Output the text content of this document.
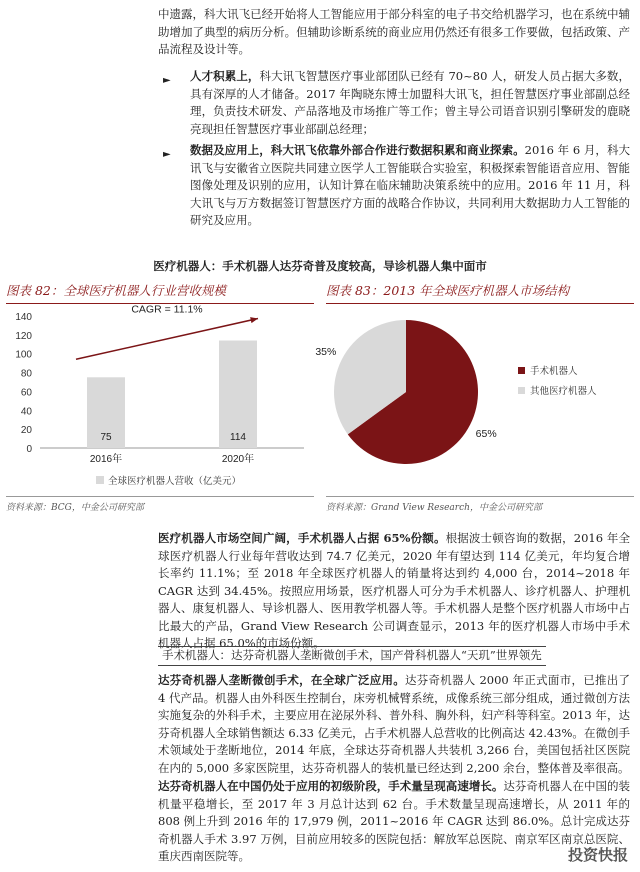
中遗露，科大讯飞已经开始将人工智能应用于部分科室的电子书交给机器学习，也在系统中辅助增加了典型的病历分析。但辅助诊断系统的商业应用仍然还有很多工作要做，包括政策、产品流程及设计等。

► 人才积累上，科大讯飞智慧医疗事业部团队已经有 70~80 人，研发人员占据大多数，具有深厚的人才储备。2017 年陶晓东博士加盟科大讯飞，担任智慧医疗事业部副总经理，负责技术研发、产品落地及市场推广等工作；曾主导公司语音识别引擎研发的鹿晓亮现担任智慧医疗事业部副总经理；

► 数据及应用上，科大讯飞依靠外部合作进行数据积累和商业探索。2016 年 6 月，科大讯飞与安徽省立医院共同建立医学人工智能联合实验室，积极探索智能语音应用、智能图像处理及识别的应用，认知计算在临床辅助决策系统中的应用。2016 年 11 月，科大讯飞与万方数据签订智慧医疗方面的战略合作协议，共同利用大数据助力人工智能的研究及应用。

医疗机器人：手术机器人达芬奇普及度较高，导诊机器人集中面市
图表 82：全球医疗机器人行业营收规模	图表 83：2013 年全球医疗机器人市场结构
0
20
40
60
80
100
120
140
75
2016年
114
2020年
CAGR = 11.1%
全球医疗机器人营收（亿美元）
65%
35%
手术机器人
其他医疗机器人
资料来源：BCG，中金公司研究部	资料来源：Grand View Research，中金公司研究部

医疗机器人市场空间广阔，手术机器人占据 65%份额。根据波士顿咨询的数据，2016 年全球医疗机器人行业每年营收达到 74.7 亿美元，2020 年有望达到 114 亿美元，年均复合增长率约 11.1%；至 2018 年全球医疗机器人的销量将达到约 4,000 台，2014~2018 年 CAGR 达到 34.45%。按照应用场景，医疗机器人可分为手术机器人、诊疗机器人、护理机器人、康复机器人、导诊机器人、医用教学机器人等。手术机器人是整个医疗机器人市场中占比最大的产品，Grand View Research 公司调查显示，2013 年的医疗机器人市场中手术机器人占据 65.0%的市场份额。

手术机器人：达芬奇机器人垄断微创手术，国产骨科机器人“天玑”世界领先

达芬奇机器人垄断微创手术，在全球广泛应用。达芬奇机器人 2000 年正式面市，已推出了 4 代产品。机器人由外科医生控制台，床旁机械臂系统，成像系统三部分组成，通过微创方法实施复杂的外科手术，主要应用在泌尿外科、普外科、胸外科，妇产科等科室。2013 年，达芬奇机器人全球销售额达 6.33 亿美元，占手术机器人总营收的比例高达 42.43%。在微创手术领域处于垄断地位，2014 年底，全球达芬奇机器人共装机 3,266 台，美国包括社区医院在内的 5,000 多家医院里，达芬奇机器人的装机量已经达到 2,200 余台，整体普及率很高。

达芬奇机器人在中国仍处于应用的初级阶段，手术量呈现高速增长。达芬奇机器人在中国的装机量平稳增长，至 2017 年 3 月总计达到 62 台。手术数量呈现高速增长，从 2011 年的 808 例上升到 2016 年的 17,979 例，2011~2016 年 CAGR 达到 86.0%。总计完成达芬奇机器人手术 3.97 万例，目前应用较多的医院包括：解放军总医院、南京军区南京总医院、重庆西南医院等。	投资快报
